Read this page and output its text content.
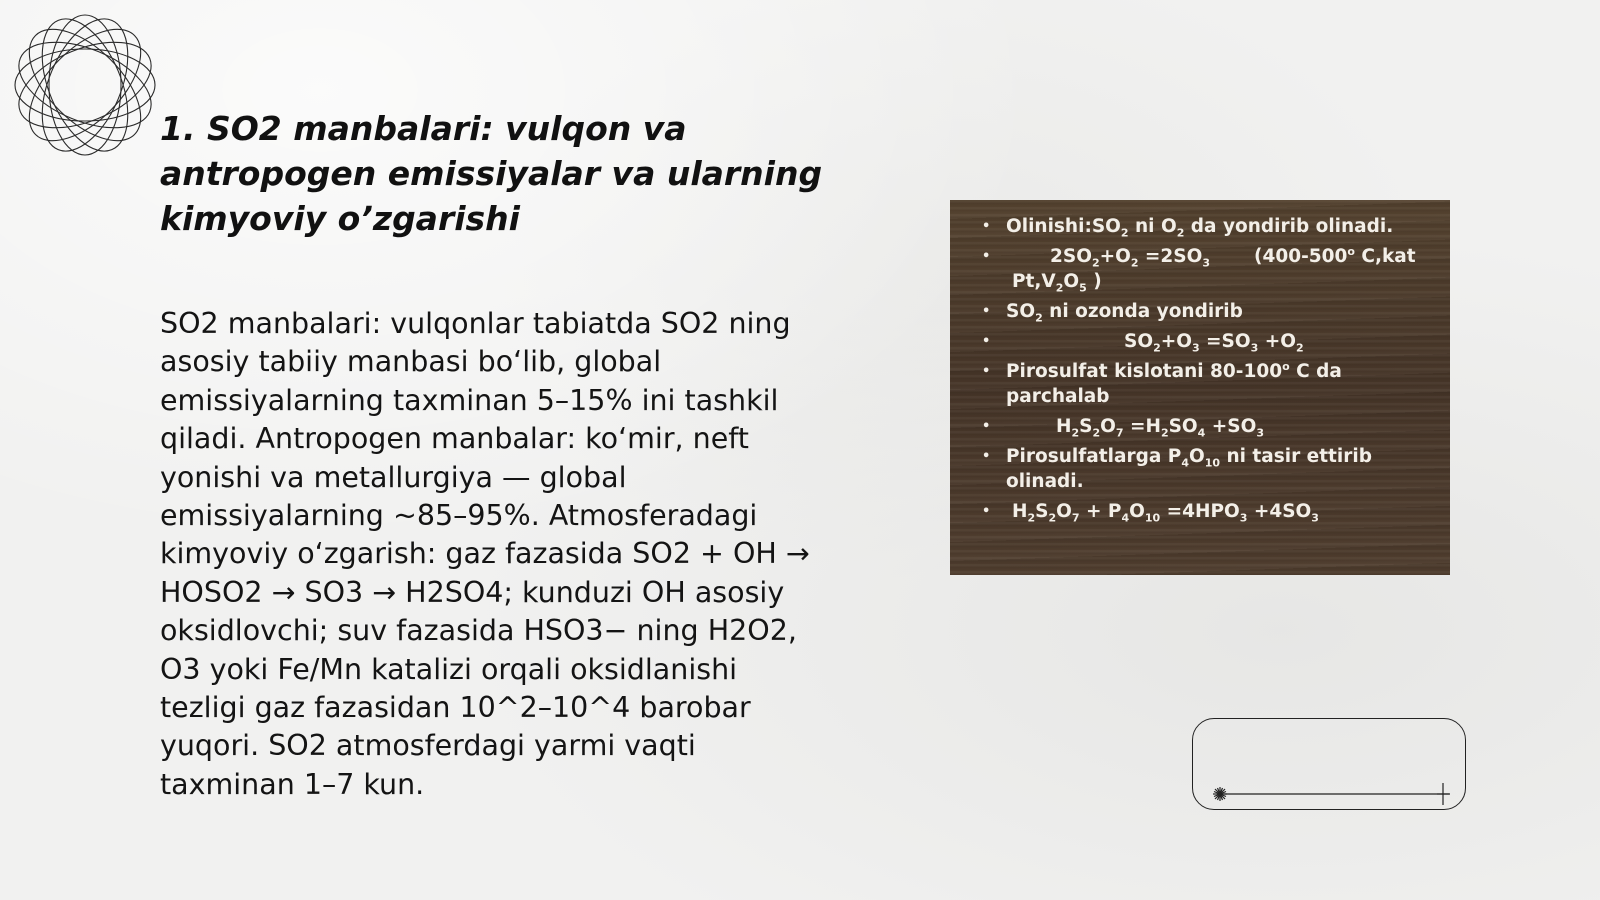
1. SO2 manbalari: vulqon va antropogen emissiyalar va ularning kimyoviy o’zgarishi

SO2 manbalari: vulqonlar tabiatda SO2 ning asosiy tabiiy manbasi bo‘lib, global emissiyalarning taxminan 5–15% ini tashkil qiladi. Antropogen manbalar: ko‘mir, neft yonishi va metallurgiya — global emissiyalarning ~85–95%. Atmosferadagi kimyoviy o‘zgarish: gaz fazasida SO2 + OH → HOSO2 → SO3 → H2SO4; kunduzi OH asosiy oksidlovchi; suv fazasida HSO3− ning H2O2, O3 yoki Fe/Mn katalizi orqali oksidlanishi tezligi gaz fazasidan 10^2–10^4 barobar yuqori. SO2 atmosferdagi yarmi vaqti taxminan 1–7 kun.

• $Olinishi:SO_2$ ni $O_2$ da yondirib olinadi.
• $2SO_2+O_2 =2SO_3$ (400-500$^o$ C,kat $Pt,V_2O_5$ )
• $SO_2$ ni ozonda yondirib
• $SO_2+O_3 =SO_3 +O_2$
• Pirosulfat kislotani 80-100$^o$ C da parchalab
• $H_2S_2O_7 =H_2SO_4 +SO_3$
• Pirosulfatlarga $P_4O_{10}$ ni tasir ettirib olinadi.
• $H_2S_2O_7 + P_4O_{10} =4HPO_3 +4SO_3$
